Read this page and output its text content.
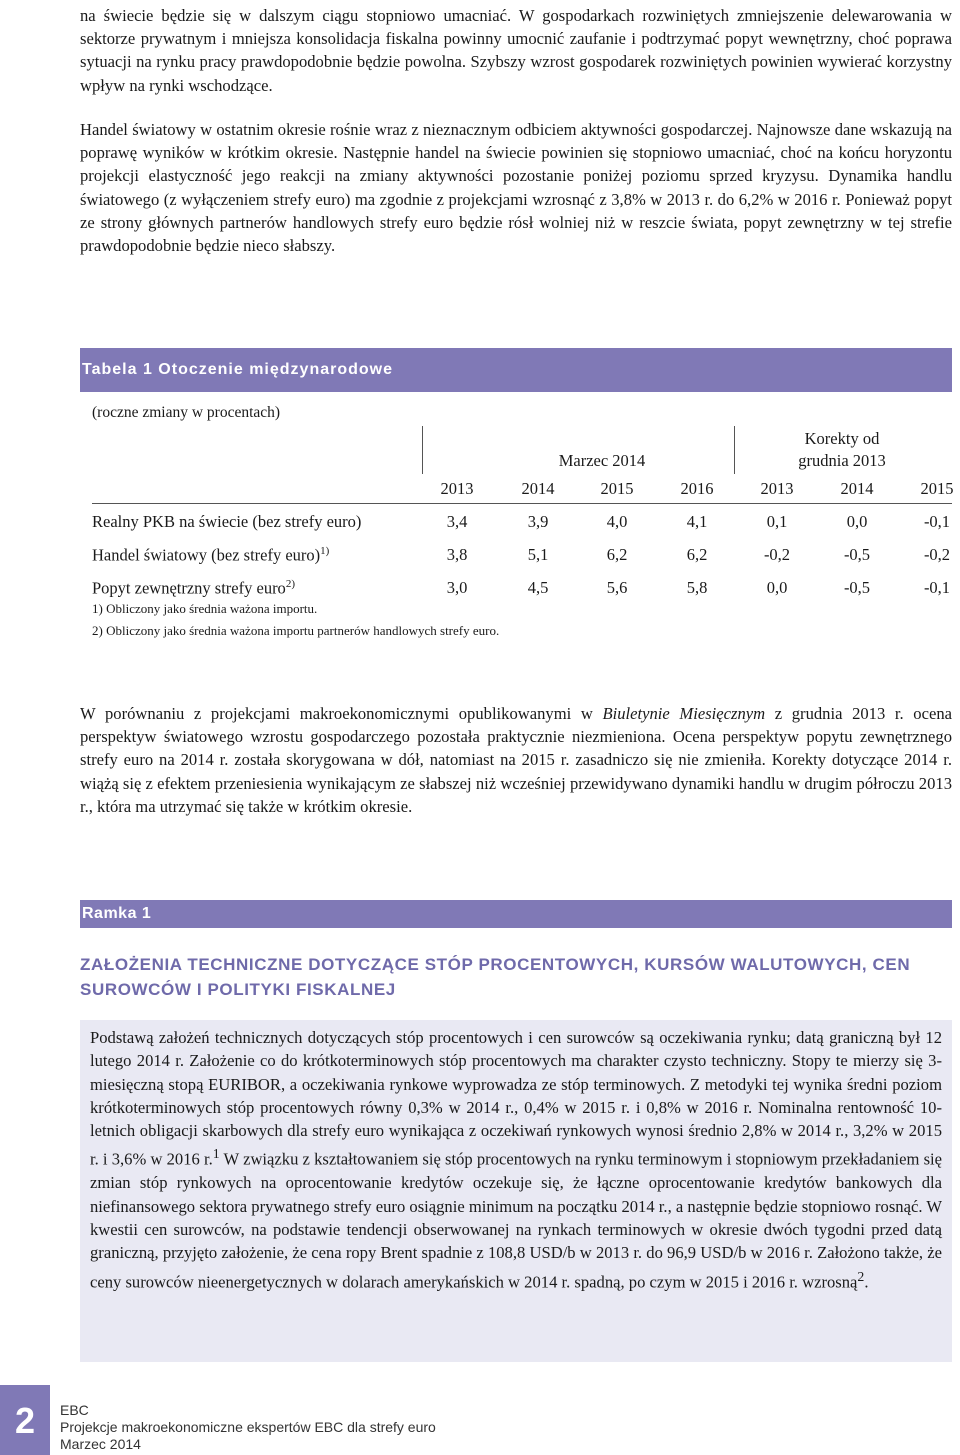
na świecie będzie się w dalszym ciągu stopniowo umacniać. W gospodarkach rozwiniętych zmniejszenie delewarowania w sektorze prywatnym i mniejsza konsolidacja fiskalna powinny umocnić zaufanie i podtrzymać popyt wewnętrzny, choć poprawa sytuacji na rynku pracy prawdopodobnie będzie powolna. Szybszy wzrost gospodarek rozwiniętych powinien wywierać korzystny wpływ na rynki wschodzące.

Handel światowy w ostatnim okresie rośnie wraz z nieznacznym odbiciem aktywności gospodarczej. Najnowsze dane wskazują na poprawę wyników w krótkim okresie. Następnie handel na świecie powinien się stopniowo umacniać, choć na końcu horyzontu projekcji elastyczność jego reakcji na zmiany aktywności pozostanie poniżej poziomu sprzed kryzysu. Dynamika handlu światowego (z wyłączeniem strefy euro) ma zgodnie z projekcjami wzrosnąć z 3,8% w 2013 r. do 6,2% w 2016 r. Ponieważ popyt ze strony głównych partnerów handlowych strefy euro będzie rósł wolniej niż w reszcie świata, popyt zewnętrzny w tej strefie prawdopodobnie będzie nieco słabszy.

Tabela 1 Otoczenie międzynarodowe
(roczne zmiany w procentach)
Marzec 2014
Korekty od
grudnia 2013
2013	2014	2015	2016	2013	2014	2015
Realny PKB na świecie (bez strefy euro)	3,4	3,9	4,0	4,1	0,1	0,0	-0,1
Handel światowy (bez strefy euro)$^{1)}$	3,8	5,1	6,2	6,2	-0,2	-0,5	-0,2
Popyt zewnętrzny strefy euro$^{2)}$	3,0	4,5	5,6	5,8	0,0	-0,5	-0,1
1) Obliczony jako średnia ważona importu.
2) Obliczony jako średnia ważona importu partnerów handlowych strefy euro.

W porównaniu z projekcjami makroekonomicznymi opublikowanymi w Biuletynie Miesięcznym z grudnia 2013 r. ocena perspektyw światowego wzrostu gospodarczego pozostała praktycznie niezmieniona. Ocena perspektyw popytu zewnętrznego strefy euro na 2014 r. została skorygowana w dół, natomiast na 2015 r. zasadniczo się nie zmieniła. Korekty dotyczące 2014 r. wiążą się z efektem przeniesienia wynikającym ze słabszej niż wcześniej przewidywano dynamiki handlu w drugim półroczu 2013 r., która ma utrzymać się także w krótkim okresie.

Ramka 1

ZAŁOŻENIA TECHNICZNE DOTYCZĄCE STÓP PROCENTOWYCH, KURSÓW WALUTOWYCH, CEN SUROWCÓW I POLITYKI FISKALNEJ

Podstawą założeń technicznych dotyczących stóp procentowych i cen surowców są oczekiwania rynku; datą graniczną był 12 lutego 2014 r. Założenie co do krótkoterminowych stóp procentowych ma charakter czysto techniczny. Stopy te mierzy się 3-miesięczną stopą EURIBOR, a oczekiwania rynkowe wyprowadza ze stóp terminowych. Z metodyki tej wynika średni poziom krótkoterminowych stóp procentowych równy 0,3% w 2014 r., 0,4% w 2015 r. i 0,8% w 2016 r. Nominalna rentowność 10-letnich obligacji skarbowych dla strefy euro wynikająca z oczekiwań rynkowych wynosi średnio 2,8% w 2014 r., 3,2% w 2015 r. i 3,6% w 2016 r.$^1$ W związku z kształtowaniem się stóp procentowych na rynku terminowym i stopniowym przekładaniem się zmian stóp rynkowych na oprocentowanie kredytów oczekuje się, że łączne oprocentowanie kredytów bankowych dla niefinansowego sektora prywatnego strefy euro osiągnie minimum na początku 2014 r., a następnie będzie stopniowo rosnąć. W kwestii cen surowców, na podstawie tendencji obserwowanej na rynkach terminowych w okresie dwóch tygodni przed datą graniczną, przyjęto założenie, że cena ropy Brent spadnie z 108,8 USD/b w 2013 r. do 96,9 USD/b w 2016 r. Założono także, że ceny surowców nieenergetycznych w dolarach amerykańskich w 2014 r. spadną, po czym w 2015 i 2016 r. wzrosną$^2$.

2	EBC
Projekcje makroekonomiczne ekspertów EBC dla strefy euro
Marzec 2014
